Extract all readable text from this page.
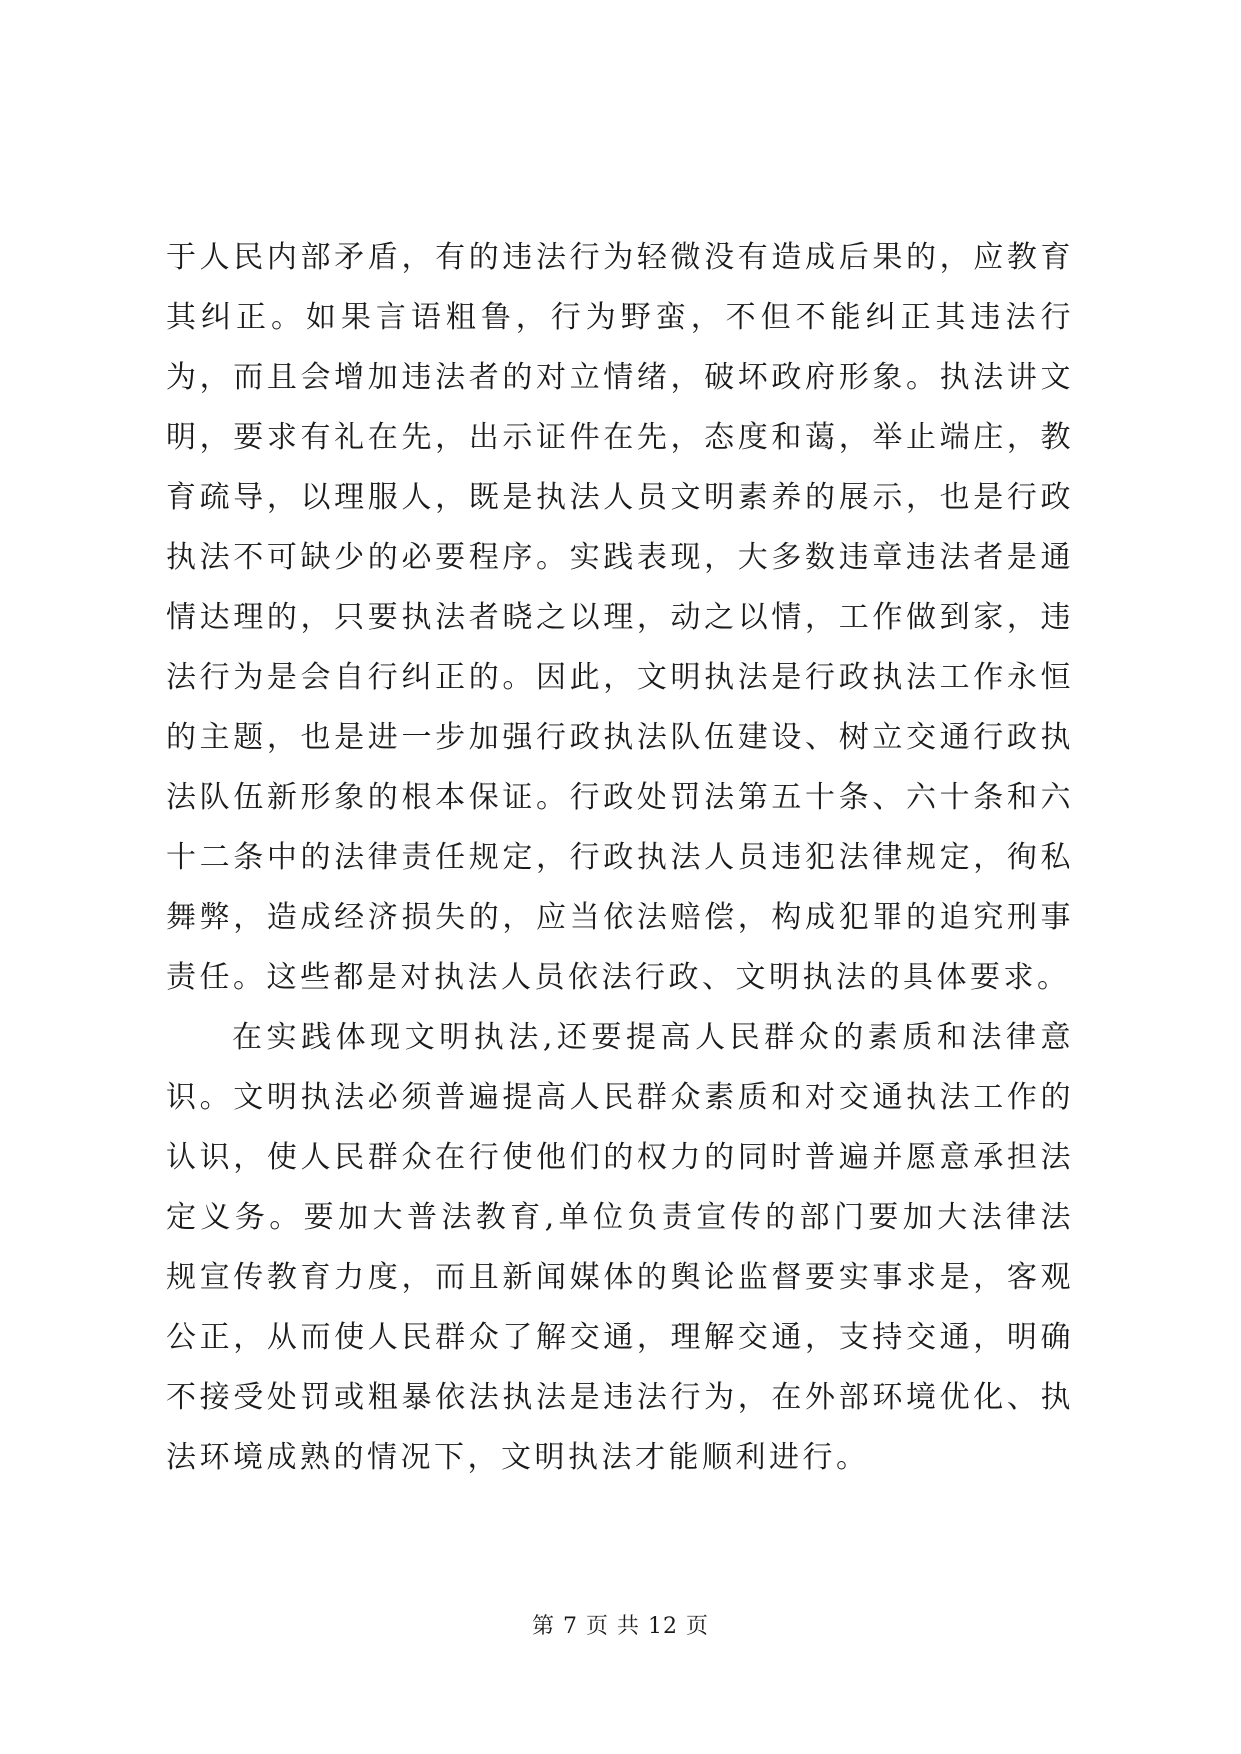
于人民内部矛盾，有的违法行为轻微没有造成后果的，应教育其纠正。如果言语粗鲁，行为野蛮，不但不能纠正其违法行为，而且会增加违法者的对立情绪，破坏政府形象。执法讲文明，要求有礼在先，出示证件在先，态度和蔼，举止端庄，教育疏导，以理服人，既是执法人员文明素养的展示，也是行政执法不可缺少的必要程序。实践表现，大多数违章违法者是通情达理的，只要执法者晓之以理，动之以情，工作做到家，违法行为是会自行纠正的。因此，文明执法是行政执法工作永恒的主题，也是进一步加强行政执法队伍建设、树立交通行政执法队伍新形象的根本保证。行政处罚法第五十条、六十条和六十二条中的法律责任规定，行政执法人员违犯法律规定，徇私舞弊，造成经济损失的，应当依法赔偿，构成犯罪的追究刑事责任。这些都是对执法人员依法行政、文明执法的具体要求。

在实践体现文明执法,还要提高人民群众的素质和法律意识。文明执法必须普遍提高人民群众素质和对交通执法工作的认识，使人民群众在行使他们的权力的同时普遍并愿意承担法定义务。要加大普法教育,单位负责宣传的部门要加大法律法规宣传教育力度，而且新闻媒体的舆论监督要实事求是，客观公正，从而使人民群众了解交通，理解交通，支持交通，明确不接受处罚或粗暴依法执法是违法行为，在外部环境优化、执法环境成熟的情况下，文明执法才能顺利进行。

第 7 页 共 12 页
